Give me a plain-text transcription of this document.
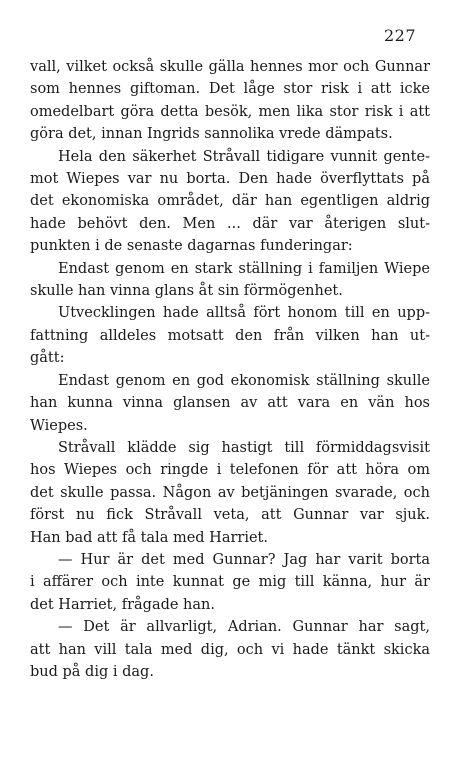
227
vall, vilket också skulle gälla hennes mor och Gunnar
som hennes giftoman. Det låge stor risk i att icke
omedelbart göra detta besök, men lika stor risk i att
göra det, innan Ingrids sannolika vrede dämpats.
Hela den säkerhet Stråvall tidigare vunnit gente-
mot Wiepes var nu borta. Den hade överflyttats på
det ekonomiska området, där han egentligen aldrig
hade behövt den. Men ... där var återigen slut-
punkten i de senaste dagarnas funderingar:
Endast genom en stark ställning i familjen Wiepe
skulle han vinna glans åt sin förmögenhet.
Utvecklingen hade alltså fört honom till en upp-
fattning alldeles motsatt den från vilken han ut-
gått:
Endast genom en god ekonomisk ställning skulle
han kunna vinna glansen av att vara en vän hos
Wiepes.
Stråvall klädde sig hastigt till förmiddagsvisit
hos Wiepes och ringde i telefonen för att höra om
det skulle passa. Någon av betjäningen svarade, och
först nu fick Stråvall veta, att Gunnar var sjuk.
Han bad att få tala med Harriet.
— Hur är det med Gunnar? Jag har varit borta
i affärer och inte kunnat ge mig till känna, hur är
det Harriet, frågade han.
— Det är allvarligt, Adrian. Gunnar har sagt,
att han vill tala med dig, och vi hade tänkt skicka
bud på dig i dag.
